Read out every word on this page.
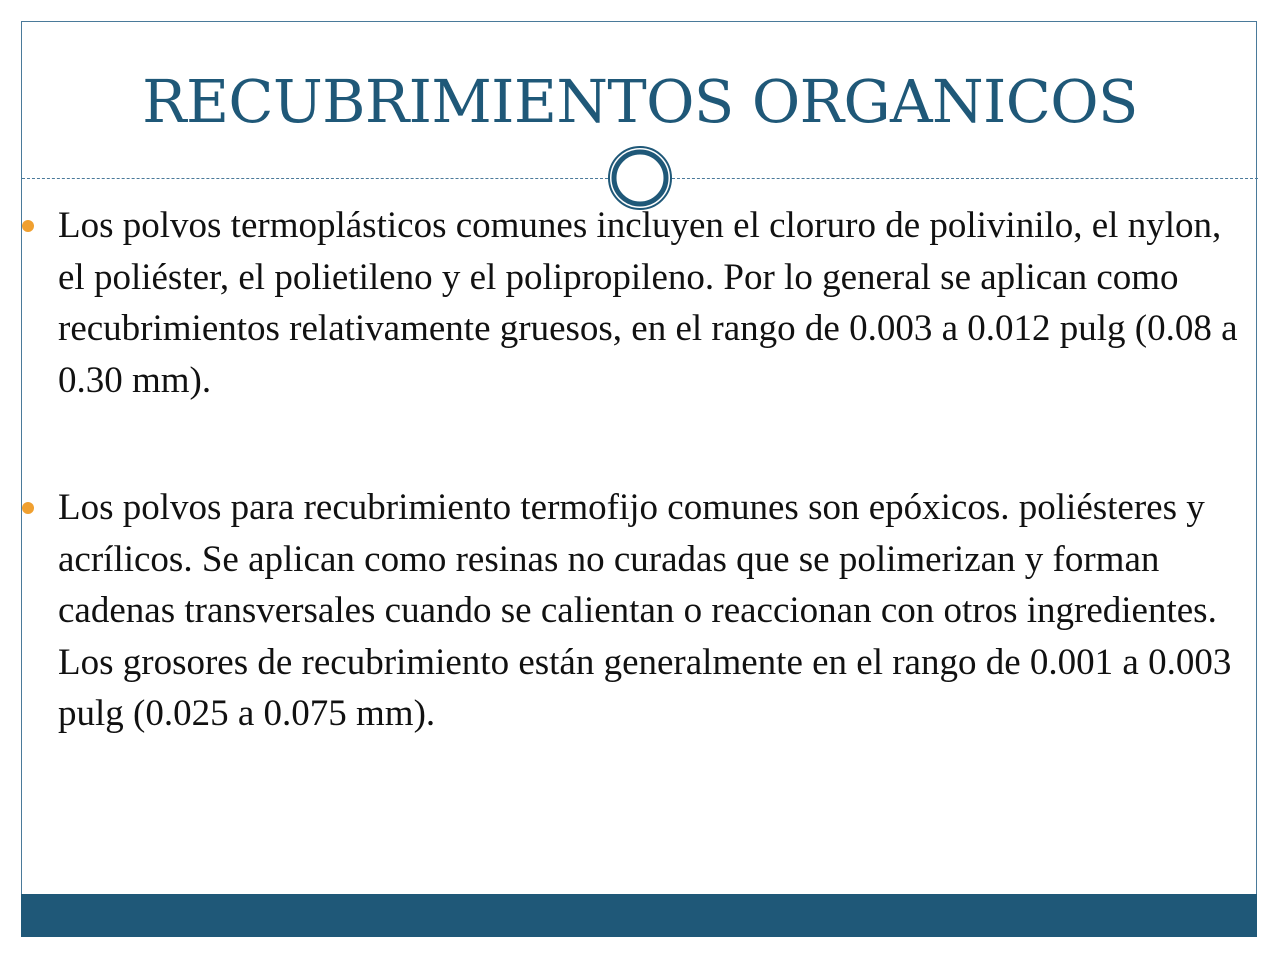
RECUBRIMIENTOS ORGANICOS
Los polvos termoplásticos comunes incluyen el cloruro de polivinilo, el nylon, el poliéster, el polietileno y el polipropileno. Por lo general se aplican como recubrimientos relativamente gruesos, en el rango de 0.003 a 0.012 pulg (0.08 a 0.30 mm).
Los polvos para recubrimiento termofijo comunes son epóxicos. poliésteres y acrílicos. Se aplican como resinas no curadas que se polimerizan y forman cadenas transversales cuando se calientan o reaccionan con otros ingredientes. Los grosores de recubrimiento están generalmente en el rango de 0.001 a 0.003 pulg (0.025 a 0.075 mm).
